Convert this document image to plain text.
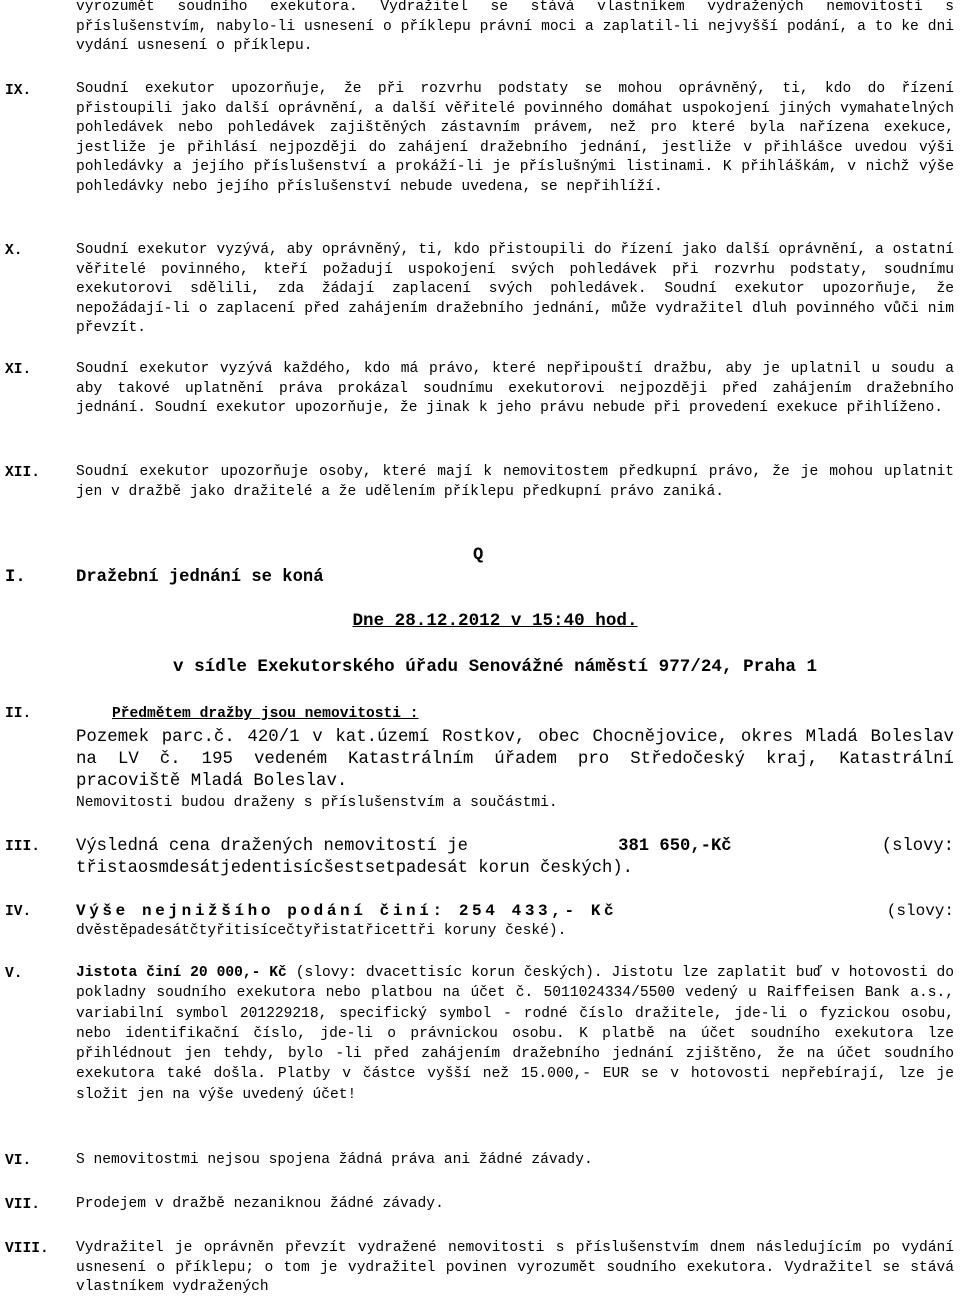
vyrozumět soudního exekutora. Vydražitel se stává vlastníkem vydražených nemovitostí s příslušenstvím, nabylo-li usnesení o příklepu právní moci a zaplatil-li nejvyšší podání, a to ke dni vydání usnesení o příklepu.

IX.	Soudní exekutor upozorňuje, že při rozvrhu podstaty se mohou oprávněný, ti, kdo do řízení přistoupili jako další oprávnění, a další věřitelé povinného domáhat uspokojení jiných vymahatelných pohledávek nebo pohledávek zajištěných zástavním právem, než pro které byla nařízena exekuce, jestliže je přihlásí nejpozději do zahájení dražebního jednání, jestliže v přihlášce uvedou výši pohledávky a jejího příslušenství a prokáží-li je příslušnými listinami. K přihláškám, v nichž výše pohledávky nebo jejího příslušenství nebude uvedena, se nepřihlíží.

X.	Soudní exekutor vyzývá, aby oprávněný, ti, kdo přistoupili do řízení jako další oprávnění, a ostatní věřitelé povinného, kteří požadují uspokojení svých pohledávek při rozvrhu podstaty, soudnímu exekutorovi sdělili, zda žádají zaplacení svých pohledávek. Soudní exekutor upozorňuje, že nepožádají-li o zaplacení před zahájením dražebního jednání, může vydražitel dluh povinného vůči nim převzít.

XI.	Soudní exekutor vyzývá každého, kdo má právo, které nepřipouští dražbu, aby je uplatnil u soudu a aby takové uplatnění práva prokázal soudnímu exekutorovi nejpozději před zahájením dražebního jednání. Soudní exekutor upozorňuje, že jinak k jeho právu nebude při provedení exekuce přihlíženo.

XII. Soudní exekutor upozorňuje osoby, které mají k nemovitostem předkupní právo, že je mohou uplatnit jen v dražbě jako dražitelé a že udělením příklepu předkupní právo zaniká.

I.	Dražební jednání se koná
Q
Dne 28.12.2012 v 15:40 hod.
v sídle Exekutorského úřadu Senovážné náměstí 977/24, Praha 1
II.	Předmětem dražby jsou nemovitosti :

Pozemek parc.č. 420/1 v kat.území Rostkov, obec Chocnějovice, okres Mladá Boleslav na LV č. 195 vedeném Katastrálním úřadem pro Středočeský kraj, Katastrální pracoviště Mladá Boleslav.

Nemovitosti budou draženy s příslušenstvím a součástmi.

III. Výsledná cena dražených nemovitostí je	381 650,-Kč	(slovy:
třistaosmdesátjedentisícšestsetpadesát korun českých).
IV.	Výše nejnižšího podání činí: 254 433,- Kč	(slovy:
dvěstěpadesátčtyřitisícečtyřistatřicettři koruny české).
V.	Jistota činí 20 000,- Kč (slovy: dvacettisíc korun českých). Jistotu lze zaplatit buď v hotovosti do pokladny soudního exekutora nebo platbou na účet č. 5011024334/5500 vedený u Raiffeisen Bank a.s., variabilní symbol 201229218, specifický symbol - rodné číslo dražitele, jde-li o fyzickou osobu, nebo identifikační číslo, jde-li o právnickou osobu. K platbě na účet soudního exekutora lze přihlédnout jen tehdy, bylo -li před zahájením dražebního jednání zjištěno, že na účet soudního exekutora také došla. Platby v částce vyšší než 15.000,- EUR se v hotovosti nepřebírají, lze je složit jen na výše uvedený účet!

VI.	S nemovitostmi nejsou spojena žádná práva ani žádné závady.

VII. Prodejem v dražbě nezaniknou žádné závady.

VIII. Vydražitel je oprávněn převzít vydražené nemovitosti s příslušenstvím dnem následujícím po vydání usnesení o příklepu; o tom je vydražitel povinen vyrozumět soudního exekutora. Vydražitel se stává vlastníkem vydražených
